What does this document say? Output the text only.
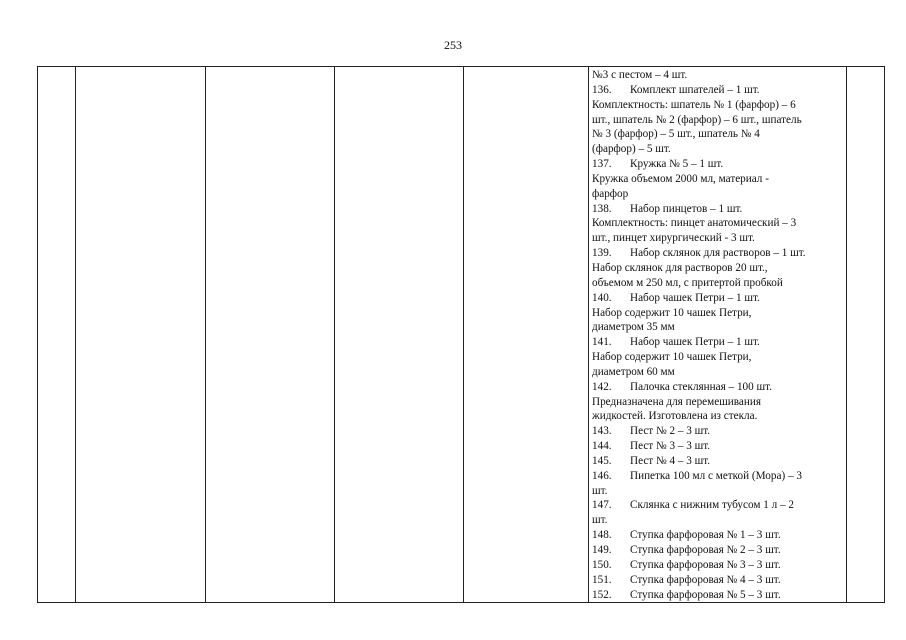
253

№3 с пестом – 4 шт.
136. Комплект шпателей – 1 шт.
Комплектность: шпатель № 1 (фарфор) – 6
шт., шпатель № 2 (фарфор) – 6 шт., шпатель
№ 3 (фарфор) – 5 шт., шпатель № 4
(фарфор) – 5 шт.
137. Кружка № 5 – 1 шт.
Кружка объемом 2000 мл, материал -
фарфор
138. Набор пинцетов – 1 шт.
Комплектность: пинцет анатомический – 3
шт., пинцет хирургический - 3 шт.
139. Набор склянок для растворов – 1 шт.
Набор склянок для растворов 20 шт.,
объемом м 250 мл, с притертой пробкой
140. Набор чашек Петри – 1 шт.
Набор содержит 10 чашек Петри,
диаметром 35 мм
141. Набор чашек Петри – 1 шт.
Набор содержит 10 чашек Петри,
диаметром 60 мм
142. Палочка стеклянная – 100 шт.
Предназначена для перемешивания
жидкостей. Изготовлена из стекла.
143. Пест № 2 – 3 шт.
144. Пест № 3 – 3 шт.
145. Пест № 4 – 3 шт.
146. Пипетка 100 мл с меткой (Мора) – 3
шт.
147. Склянка с нижним тубусом 1 л – 2
шт.
148. Ступка фарфоровая № 1 – 3 шт.
149. Ступка фарфоровая № 2 – 3 шт.
150. Ступка фарфоровая № 3 – 3 шт.
151. Ступка фарфоровая № 4 – 3 шт.
152. Ступка фарфоровая № 5 – 3 шт.
